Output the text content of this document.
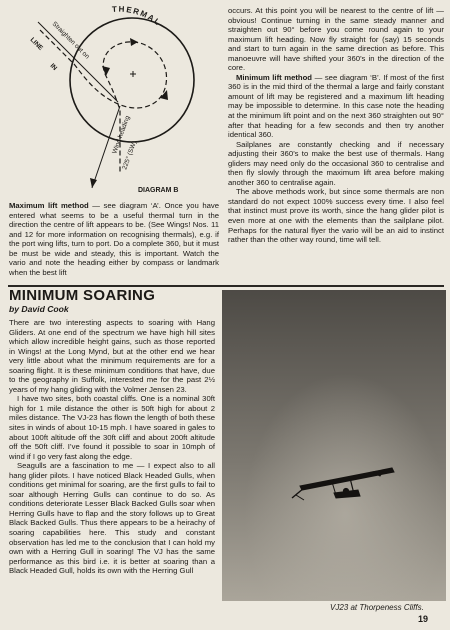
THERMAL
LINE Straighten out on
IN
Wind heading
225° (SW)
DIAGRAM B

Maximum lift method — see diagram ‘A’. Once you have entered what seems to be a useful thermal turn in the direction the centre of lift appears to be. (See Wings! Nos. 11 and 12 for more information on recognising thermals), e.g. if the port wing lifts, turn to port. Do a complete 360, but it must be must be wide and steady, this is important. Watch the vario and note the heading either by compass or landmark when the best lift

occurs. At this point you will be nearest to the centre of lift — obvious! Continue turning in the same steady manner and straighten out 90° before you come round again to your maximum lift heading. Now fly straight for (say) 15 seconds and start to turn again in the same direction as before. This manoeuvre will have shifted your 360’s in the direction of the core.

Minimum lift method — see diagram ‘B’. If most of the first 360 is in the mid third of the thermal a large and fairly constant amount of lift may be registered and a maximum lift heading may be impossible to determine. In this case note the heading at the minimum lift point and on the next 360 straighten out 90° after that heading for a few seconds and then try another identical 360.

Sailplanes are constantly checking and if necessary adjusting their 360’s to make the best use of thermals. Hang gliders may need only do the occasional 360 to centralise and then fly slowly through the maximum lift area before making another 360 to centralise again.

The above methods work, but since some thermals are non standard do not expect 100% success every time. I also feel that instinct must prove its worth, since the hang glider pilot is even more at one with the elements than the sailplane pilot. Perhaps for the natural flyer the vario will be an aid to instinct rather than the other way round, time will tell.

MINIMUM SOARING
by David Cook

There are two interesting aspects to soaring with Hang Gliders. At one end of the spectrum we have high hill sites which allow incredible height gains, such as those reported in Wings! at the Long Mynd, but at the other end we hear very little about what the minimum requirements are for a soaring flight. It is these minimum conditions that have, due to the geography in Suffolk, interested me for the past 2½ years of my hang gliding with the Volmer Jensen 23.

I have two sites, both coastal cliffs. One is a nominal 30ft high for 1 mile distance the other is 50ft high for about 2 miles distance. The VJ-23 has flown the length of both these sites in winds of about 10-15 mph. I have soared in gales to about 100ft altitude off the 30ft cliff and about 200ft altitude off the 50ft cliff. I’ve found it possible to soar in 10mph of wind if I go very fast along the edge.

Seagulls are a fascination to me — I expect also to all hang glider pilots. I have noticed Black Headed Gulls, when conditions get minimal for soaring, are the first gulls to fail to soar although Herring Gulls can continue to do so. As conditions deteriorate Lesser Black Backed Gulls soar when Herring Gulls have to flap and the story follows up to Great Black Backed Gulls. Thus there appears to be a heirachy of soaring capabilities here. This study and constant observation has led me to the conclusion that I can hold my own with a Herring Gull in soaring! The VJ has the same performance as this bird i.e. it is better at soaring than a Black Headed Gull, holds its own with the Herring Gull

VJ23 at Thorpeness Cliffs.
19
